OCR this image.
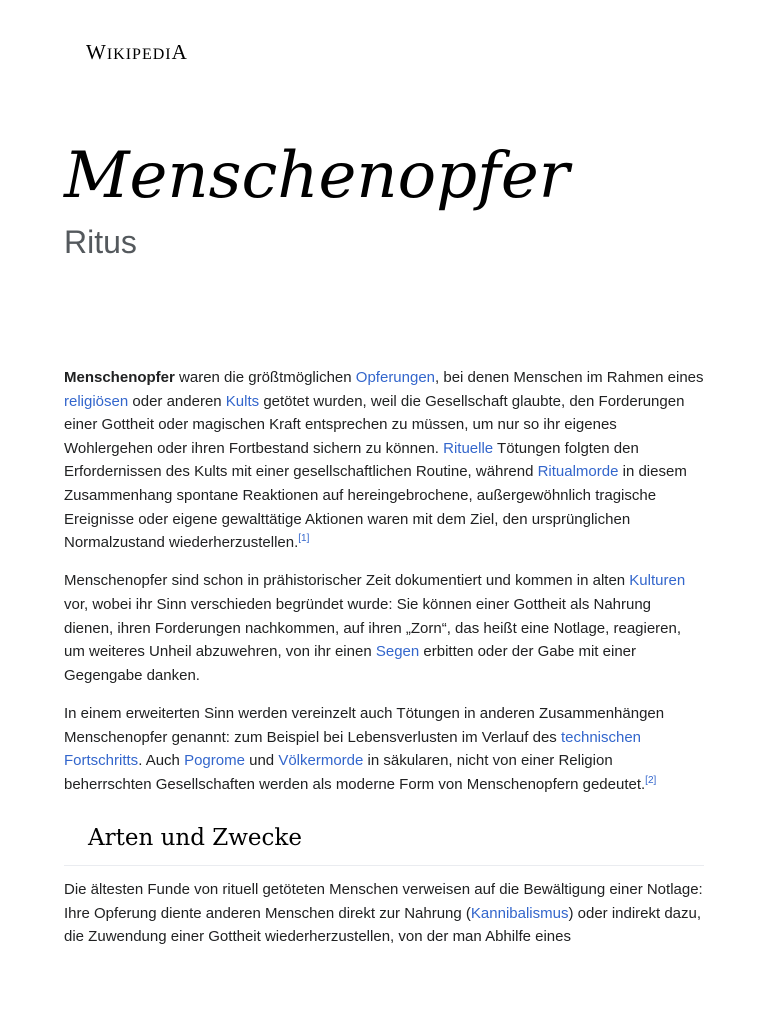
WIKIPEDIA
Menschenopfer
Ritus

Menschenopfer waren die größtmöglichen Opferungen, bei denen Menschen im Rahmen eines religiösen oder anderen Kults getötet wurden, weil die Gesellschaft glaubte, den Forderungen einer Gottheit oder magischen Kraft entsprechen zu müssen, um nur so ihr eigenes Wohlergehen oder ihren Fortbestand sichern zu können. Rituelle Tötungen folgten den Erfordernissen des Kults mit einer gesellschaftlichen Routine, während Ritualmorde in diesem Zusammenhang spontane Reaktionen auf hereingebrochene, außergewöhnlich tragische Ereignisse oder eigene gewalttätige Aktionen waren mit dem Ziel, den ursprünglichen Normalzustand wiederherzustellen.[1]

Menschenopfer sind schon in prähistorischer Zeit dokumentiert und kommen in alten Kulturen vor, wobei ihr Sinn verschieden begründet wurde: Sie können einer Gottheit als Nahrung dienen, ihren Forderungen nachkommen, auf ihren „Zorn“, das heißt eine Notlage, reagieren, um weiteres Unheil abzuwehren, von ihr einen Segen erbitten oder der Gabe mit einer Gegengabe danken.

In einem erweiterten Sinn werden vereinzelt auch Tötungen in anderen Zusammenhängen Menschenopfer genannt: zum Beispiel bei Lebensverlusten im Verlauf des technischen Fortschritts. Auch Pogrome und Völkermorde in säkularen, nicht von einer Religion beherrschten Gesellschaften werden als moderne Form von Menschenopfern gedeutet.[2]

Arten und Zwecke

Die ältesten Funde von rituell getöteten Menschen verweisen auf die Bewältigung einer Notlage: Ihre Opferung diente anderen Menschen direkt zur Nahrung (Kannibalismus) oder indirekt dazu, die Zuwendung einer Gottheit wiederherzustellen, von der man Abhilfe eines
